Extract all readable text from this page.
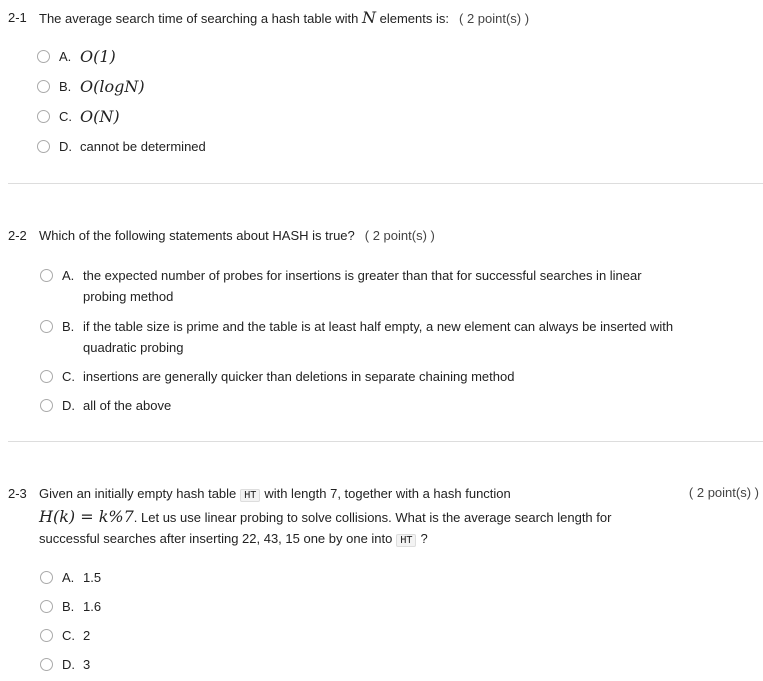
2-1 The average search time of searching a hash table with N elements is: ( 2 point(s) )
A. O(1)
B. O(logN)
C. O(N)
D. cannot be determined
2-2 Which of the following statements about HASH is true? ( 2 point(s) )
A. the expected number of probes for insertions is greater than that for successful searches in linear
probing method
B. if the table size is prime and the table is at least half empty, a new element can always be inserted with
quadratic probing
C. insertions are generally quicker than deletions in separate chaining method
D. all of the above
2-3	( 2 point(s) )
Given an initially empty hash table HT with length 7, together with a hash function
H(k) = k%7. Let us use linear probing to solve collisions. What is the average search length for
successful searches after inserting 22, 43, 15 one by one into HT ?
A. 1.5
B. 1.6
C. 2
D. 3
